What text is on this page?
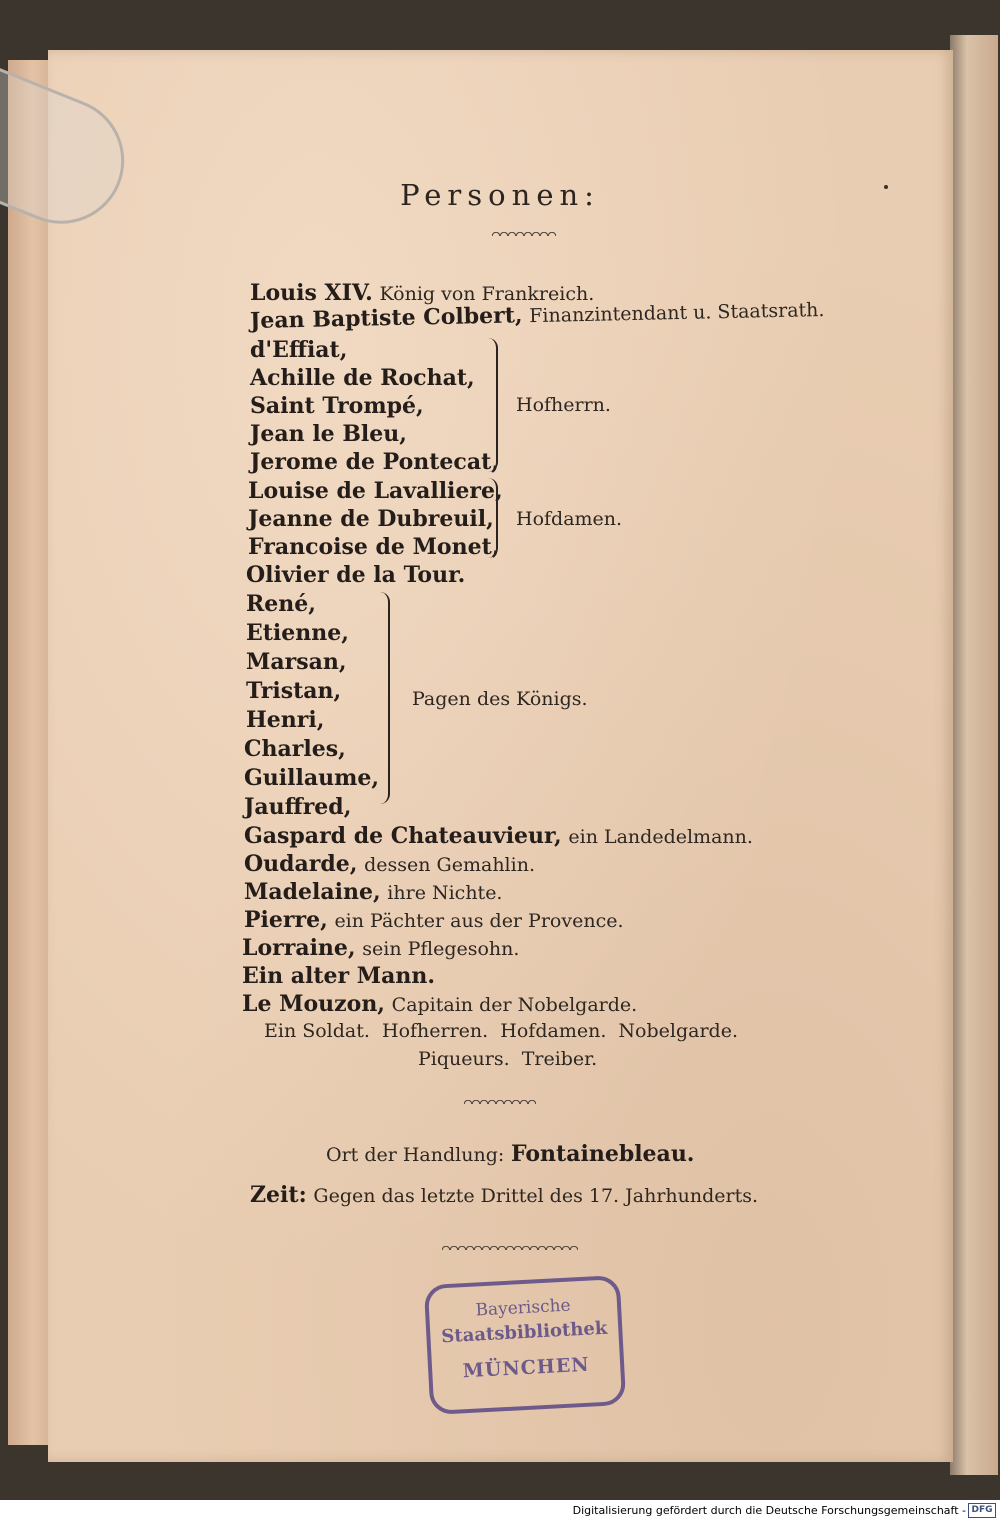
Personen:
Louis XIV. König von Frankreich.
Jean Baptiste Colbert, Finanzintendant u. Staatsrath.
d'Effiat,
Achille de Rochat,
Saint Trompé,
Jean le Bleu,
Jerome de Pontecat,
Hofherrn.
Louise de Lavalliere,
Jeanne de Dubreuil,
Francoise de Monet,
Hofdamen.
Olivier de la Tour.
René,
Etienne,
Marsan,
Tristan,
Henri,
Charles,
Guillaume,
Jauffred,
Pagen des Königs.
Gaspard de Chateauvieur, ein Landedelmann.
Oudarde, dessen Gemahlin.
Madelaine, ihre Nichte.
Pierre, ein Pächter aus der Provence.
Lorraine, sein Pflegesohn.
Ein alter Mann.
Le Mouzon, Capitain der Nobelgarde.
Ein Soldat.  Hofherren.  Hofdamen.  Nobelgarde.
Piqueurs.  Treiber.
Ort der Handlung: Fontainebleau.
Zeit: Gegen das letzte Drittel des 17. Jahrhunderts.
Bayerische
Staatsbibliothek
MÜNCHEN
Digitalisierung gefördert durch die Deutsche Forschungsgemeinschaft - DFG
